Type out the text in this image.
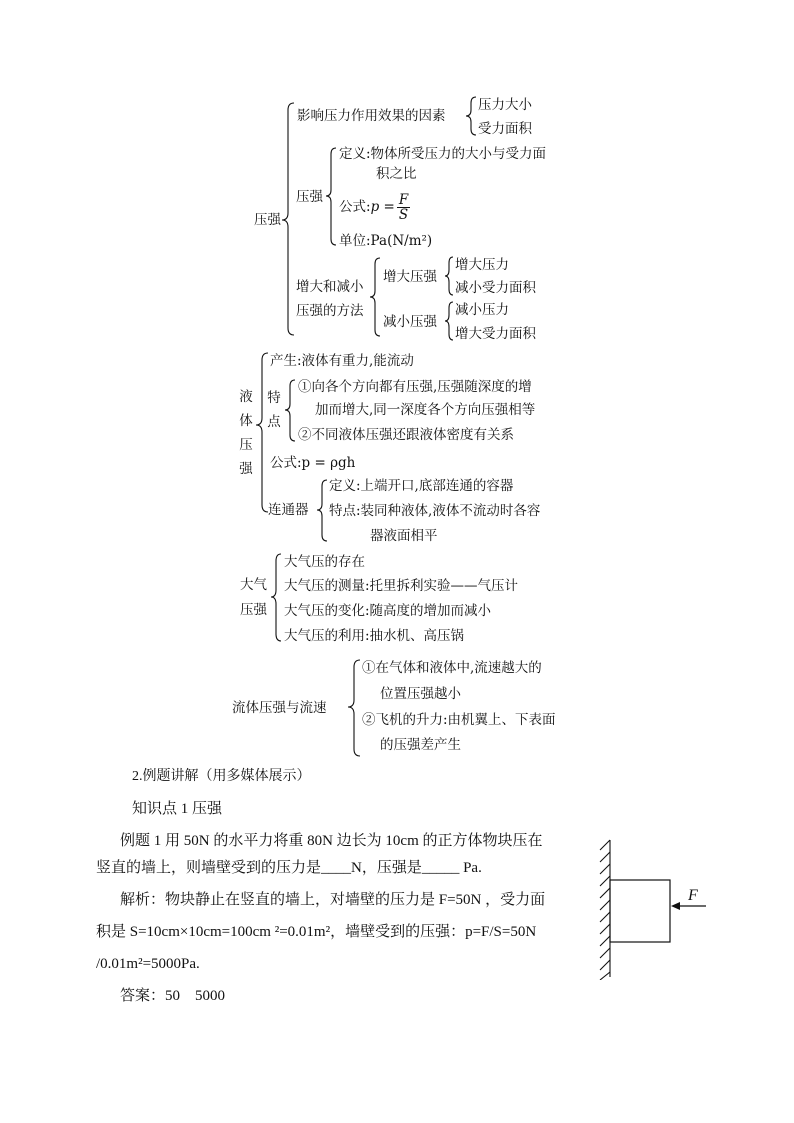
压强
影响压力作用效果的因素
压力大小
受力面积
压强
定义:物体所受压力的大小与受力面
积之比
公式:p = $\frac{F}{S}$
单位:Pa(N/m²)
增大和减小
压强的方法
增大压强
增大压力
减小受力面积
减小压强
减小压力
增大受力面积
液
体
压
强
产生:液体有重力,能流动
特
点
①向各个方向都有压强,压强随深度的增
加而增大,同一深度各个方向压强相等
②不同液体压强还跟液体密度有关系
公式:p = ρgh
连通器
定义:上端开口,底部连通的容器
特点:装同种液体,液体不流动时各容
器液面相平
大气
压强
大气压的存在
大气压的测量:托里拆利实验——气压计
大气压的变化:随高度的增加而减小
大气压的利用:抽水机、高压锅
流体压强与流速
①在气体和液体中,流速越大的
位置压强越小
②飞机的升力:由机翼上、下表面
的压强差产生
2.例题讲解（用多媒体展示）
知识点 1 压强
例题 1 用 50N 的水平力将重 80N 边长为 10cm 的正方体物块压在
竖直的墙上，则墙壁受到的压力是____N，压强是_____ Pa.
解析：物块静止在竖直的墙上，对墙壁的压力是 F=50N ，受力面
积是 S=10cm×10cm=100cm ²=0.01m²，墙壁受到的压强：p=F/S=50N
/0.01m²=5000Pa.
答案：50　5000
F
